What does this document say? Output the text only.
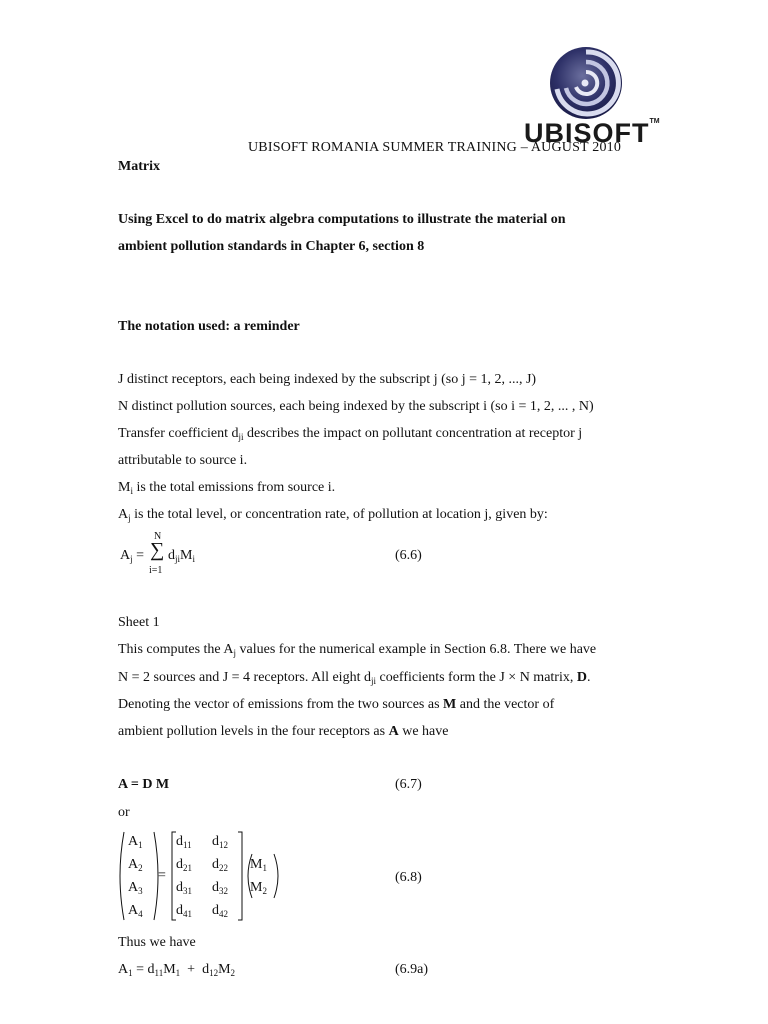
UBISOFT™
UBISOFT ROMANIA SUMMER TRAINING – AUGUST 2010
Matrix
Using Excel to do matrix algebra computations to illustrate the material on
ambient pollution standards in Chapter 6, section 8
The notation used: a reminder
J distinct receptors, each being indexed by the subscript j (so j = 1, 2, ..., J)
N distinct pollution sources, each being indexed by the subscript i (so i = 1, 2, ... , N)
Transfer coefficient $d_{ji}$ describes the impact on pollutant concentration at receptor j
attributable to source i.
$M_i$ is the total emissions from source i.
$A_j$ is the total level, or concentration rate, of pollution at location j, given by:
$A_j$ =
N
∑
i=1
$d_{ji}M_i$	(6.6)
Sheet 1
This computes the $A_j$ values for the numerical example in Section 6.8. There we have
N = 2 sources and J = 4 receptors. All eight $d_{ji}$ coefficients form the J × N matrix, D.
Denoting the vector of emissions from the two sources as M and the vector of
ambient pollution levels in the four receptors as A we have
A = D M	(6.7)
or
$A_1$
$A_2$
$A_3$
$A_4$
=
$d_{11}$ $d_{12}$
$d_{21}$ $d_{22}$
$d_{31}$ $d_{32}$
$d_{41}$ $d_{42}$
$M_1$
$M_2$
(6.8)
Thus we have
$A_1 = d_{11}M_1 + d_{12}M_2$	(6.9a)
